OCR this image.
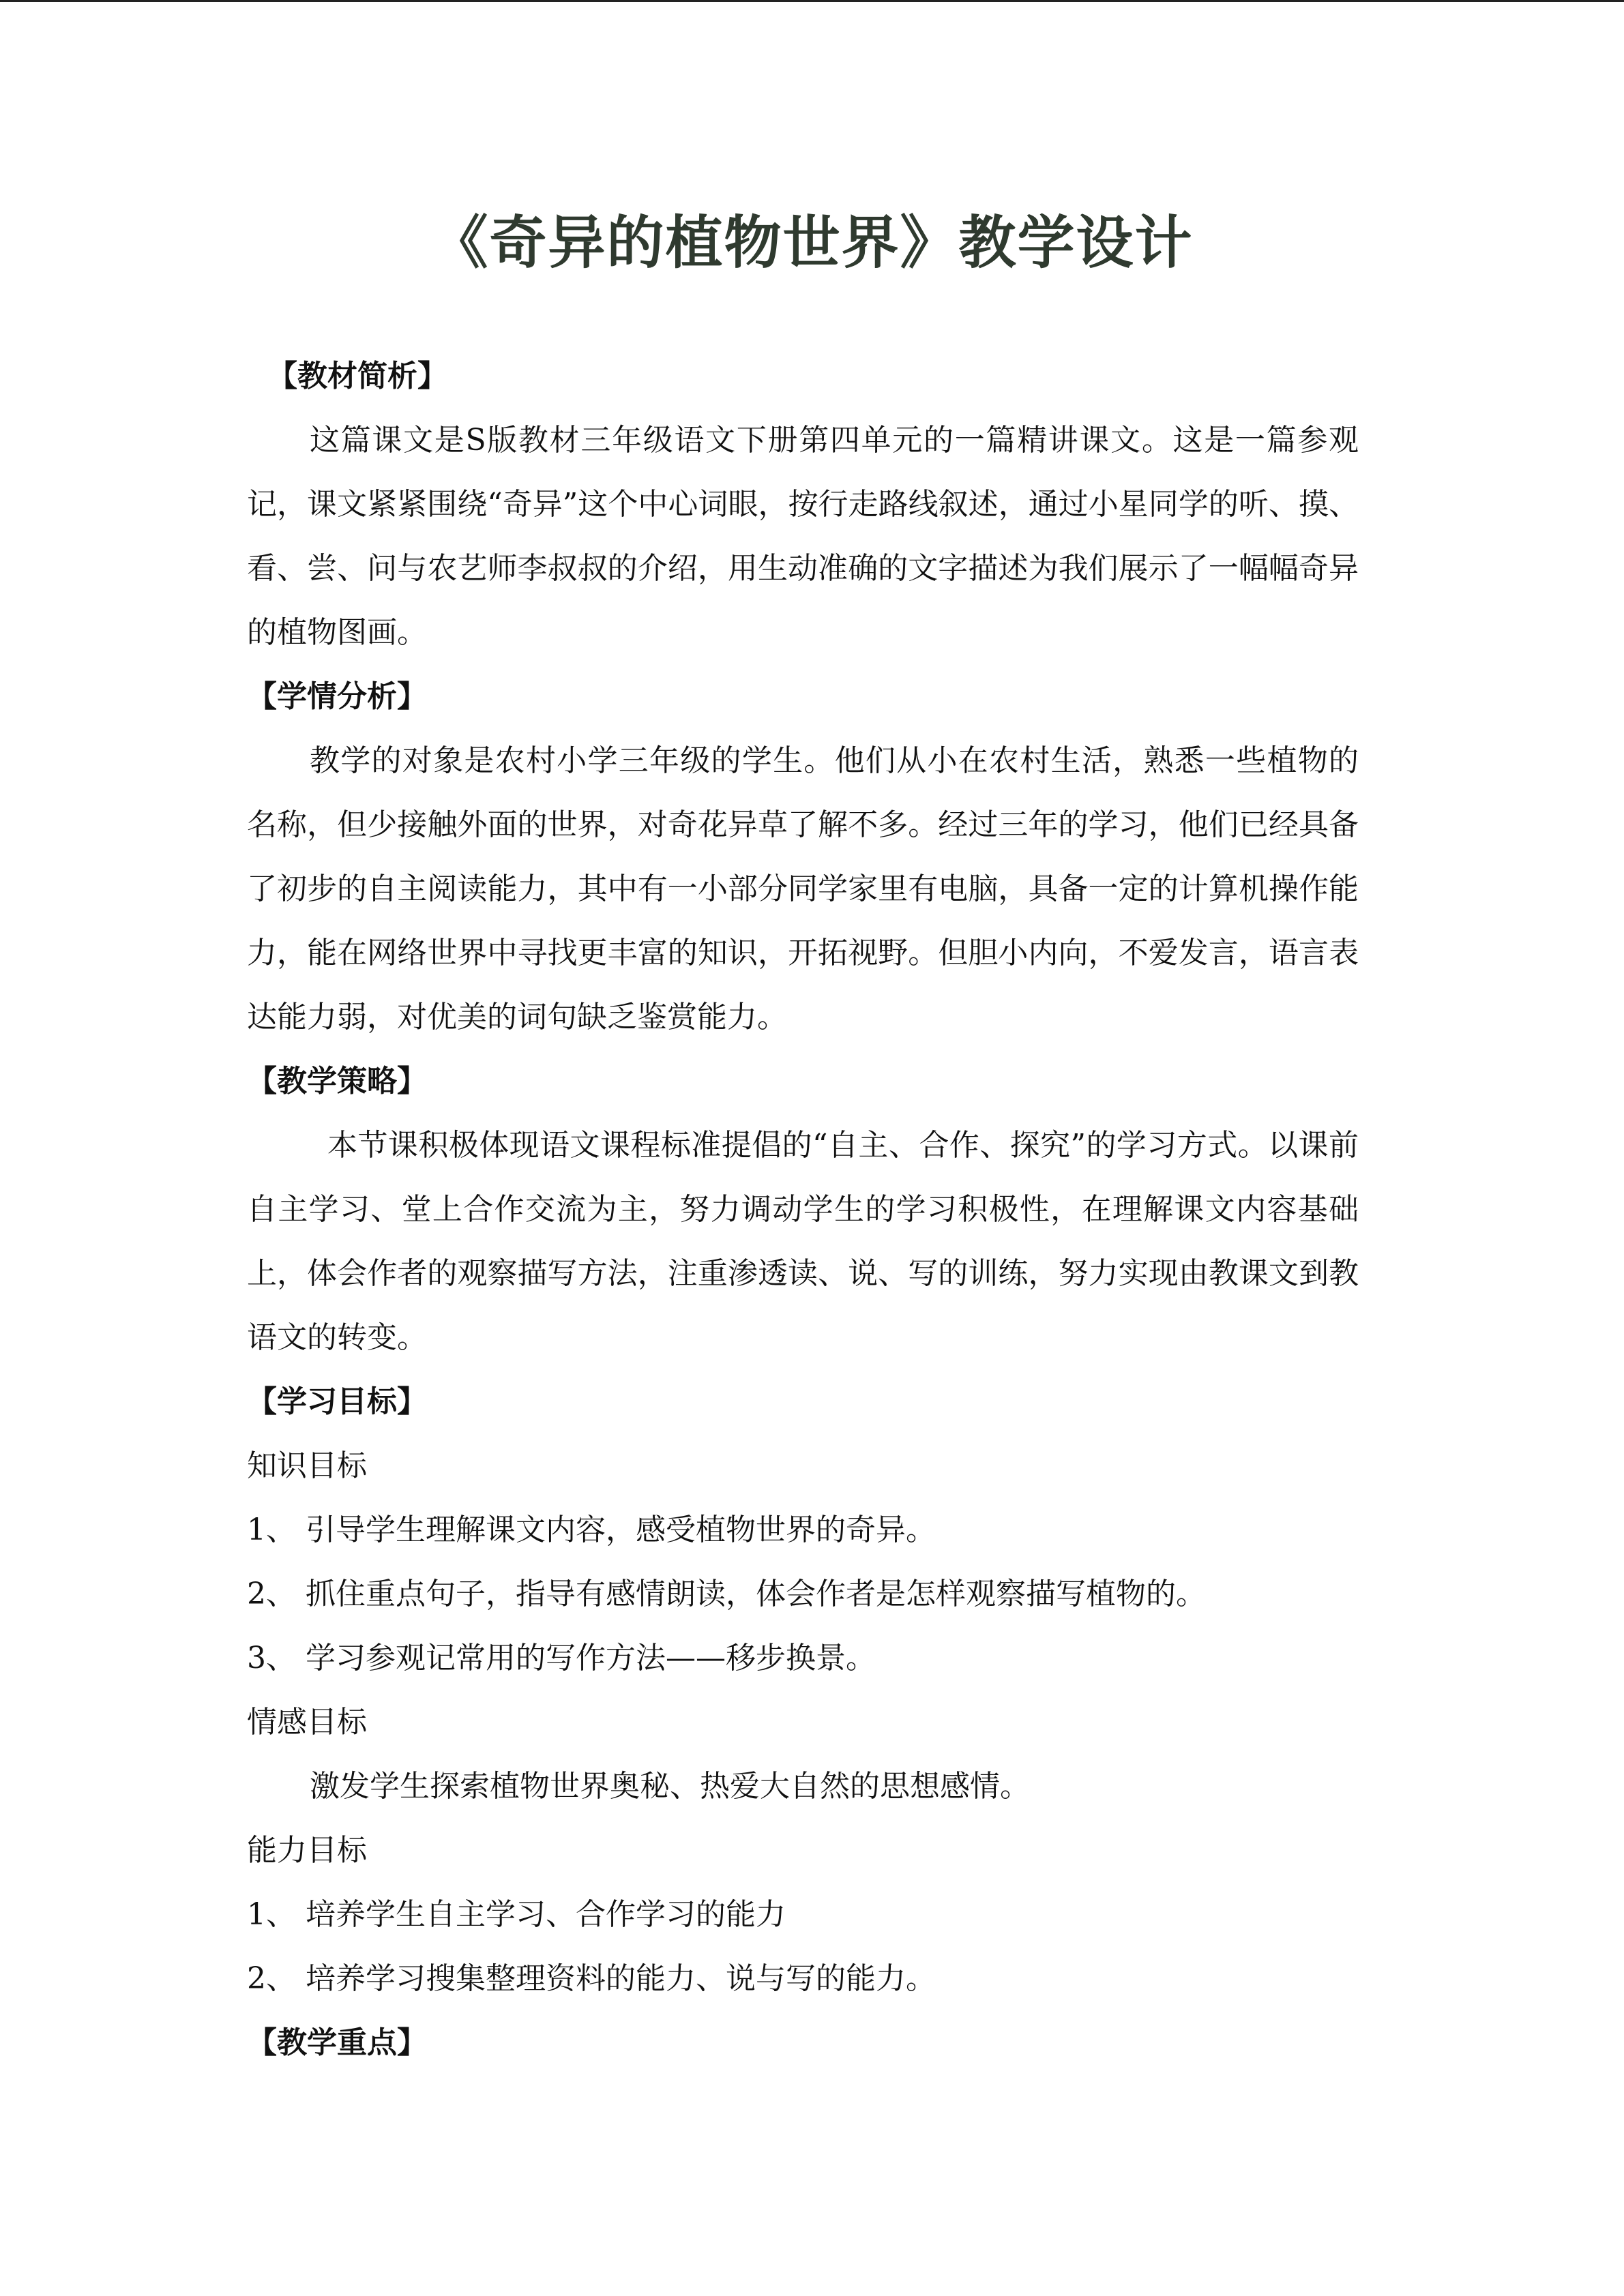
《奇异的植物世界》教学设计
【教材简析】

这篇课文是S版教材三年级语文下册第四单元的一篇精讲课文。这是一篇参观记，课文紧紧围绕“奇异”这个中心词眼，按行走路线叙述，通过小星同学的听、摸、看、尝、问与农艺师李叔叔的介绍，用生动准确的文字描述为我们展示了一幅幅奇异的植物图画。

【学情分析】

教学的对象是农村小学三年级的学生。他们从小在农村生活，熟悉一些植物的名称，但少接触外面的世界，对奇花异草了解不多。经过三年的学习，他们已经具备了初步的自主阅读能力，其中有一小部分同学家里有电脑，具备一定的计算机操作能力，能在网络世界中寻找更丰富的知识，开拓视野。但胆小内向，不爱发言，语言表达能力弱，对优美的词句缺乏鉴赏能力。

【教学策略】

本节课积极体现语文课程标准提倡的“自主、合作、探究”的学习方式。以课前自主学习、堂上合作交流为主，努力调动学生的学习积极性，在理解课文内容基础上，体会作者的观察描写方法，注重渗透读、说、写的训练，努力实现由教课文到教语文的转变。

【学习目标】
知识目标
1、 引导学生理解课文内容，感受植物世界的奇异。
2、 抓住重点句子，指导有感情朗读，体会作者是怎样观察描写植物的。
3、 学习参观记常用的写作方法——移步换景。
情感目标

激发学生探索植物世界奥秘、热爱大自然的思想感情。

能力目标
1、 培养学生自主学习、合作学习的能力
2、 培养学习搜集整理资料的能力、说与写的能力。
【教学重点】
